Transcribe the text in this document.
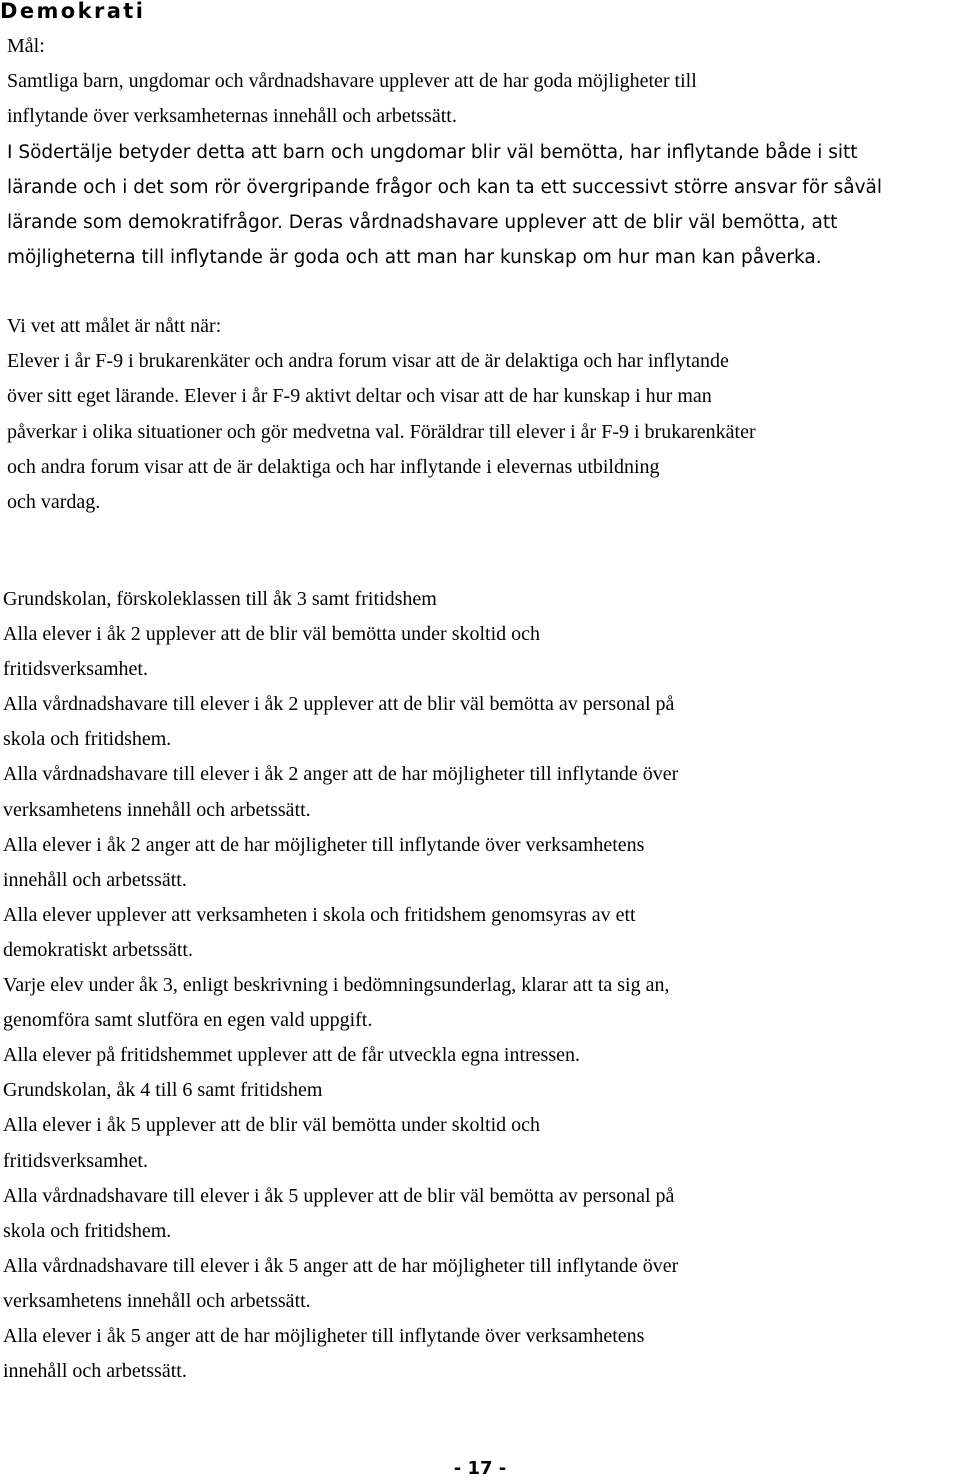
Demokrati
Mål:
Samtliga barn, ungdomar och vårdnadshavare upplever att de har goda möjligheter till
inflytande över verksamheternas innehåll och arbetssätt.
I Södertälje betyder detta att barn och ungdomar blir väl bemötta, har inflytande både i sitt
lärande och i det som rör övergripande frågor och kan ta ett successivt större ansvar för såväl
lärande som demokratifrågor. Deras vårdnadshavare upplever att de blir väl bemötta, att
möjligheterna till inflytande är goda och att man har kunskap om hur man kan påverka.
Vi vet att målet är nått när:
Elever i år F-9 i brukarenkäter och andra forum visar att de är delaktiga och har inflytande
över sitt eget lärande. Elever i år F-9 aktivt deltar och visar att de har kunskap i hur man
påverkar i olika situationer och gör medvetna val. Föräldrar till elever i år F-9 i brukarenkäter
och andra forum visar att de är delaktiga och har inflytande i elevernas utbildning
och vardag.
Grundskolan, förskoleklassen till åk 3 samt fritidshem
Alla elever i åk 2 upplever att de blir väl bemötta under skoltid och
fritidsverksamhet.
Alla vårdnadshavare till elever i åk 2 upplever att de blir väl bemötta av personal på
skola och fritidshem.
Alla vårdnadshavare till elever i åk 2 anger att de har möjligheter till inflytande över
verksamhetens innehåll och arbetssätt.
Alla elever i åk 2 anger att de har möjligheter till inflytande över verksamhetens
innehåll och arbetssätt.
Alla elever upplever att verksamheten i skola och fritidshem genomsyras av ett
demokratiskt arbetssätt.
Varje elev under åk 3, enligt beskrivning i bedömningsunderlag, klarar att ta sig an,
genomföra samt slutföra en egen vald uppgift.
Alla elever på fritidshemmet upplever att de får utveckla egna intressen.
Grundskolan, åk 4 till 6 samt fritidshem
Alla elever i åk 5 upplever att de blir väl bemötta under skoltid och
fritidsverksamhet.
Alla vårdnadshavare till elever i åk 5 upplever att de blir väl bemötta av personal på
skola och fritidshem.
Alla vårdnadshavare till elever i åk 5 anger att de har möjligheter till inflytande över
verksamhetens innehåll och arbetssätt.
Alla elever i åk 5 anger att de har möjligheter till inflytande över verksamhetens
innehåll och arbetssätt.
- 17 -
